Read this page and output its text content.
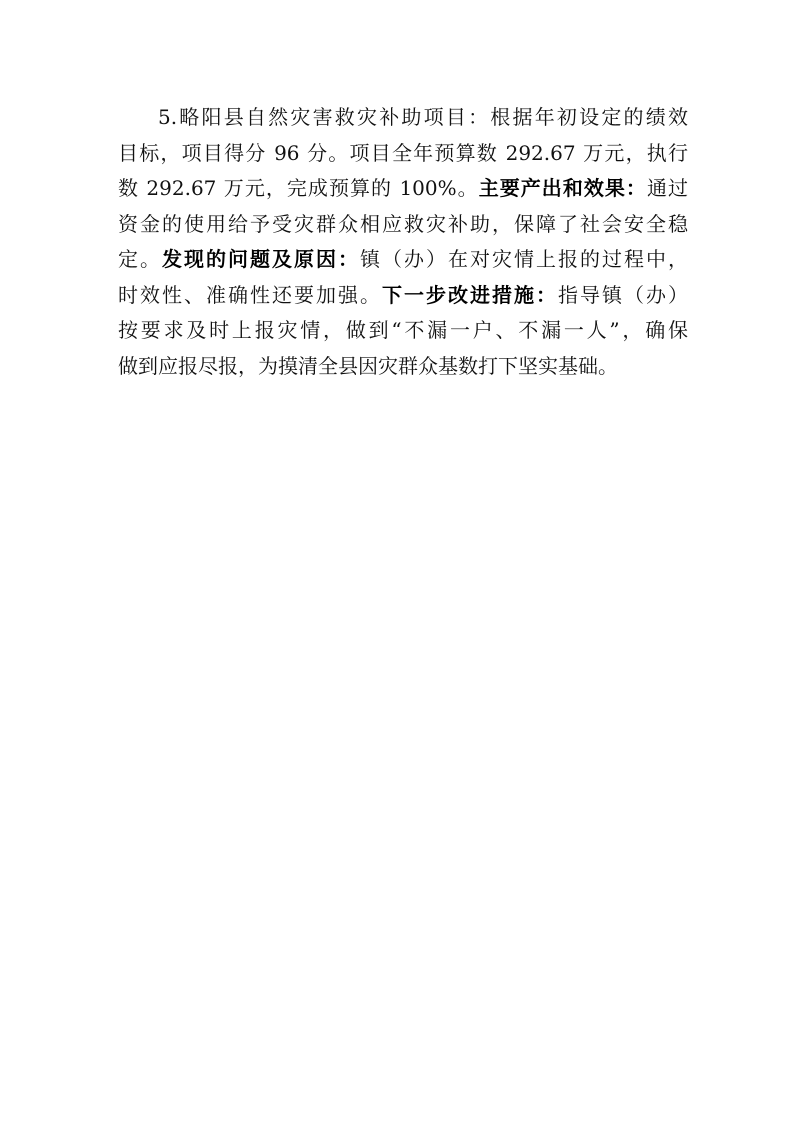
5.略阳县自然灾害救灾补助项目：根据年初设定的绩效
目标，项目得分 96 分。项目全年预算数 292.67 万元，执行
数 292.67 万元，完成预算的 100%。主要产出和效果：通过
资金的使用给予受灾群众相应救灾补助，保障了社会安全稳
定。发现的问题及原因：镇（办）在对灾情上报的过程中，
时效性、准确性还要加强。下一步改进措施：指导镇（办）
按要求及时上报灾情，做到“不漏一户、不漏一人”，确保
做到应报尽报，为摸清全县因灾群众基数打下坚实基础。
